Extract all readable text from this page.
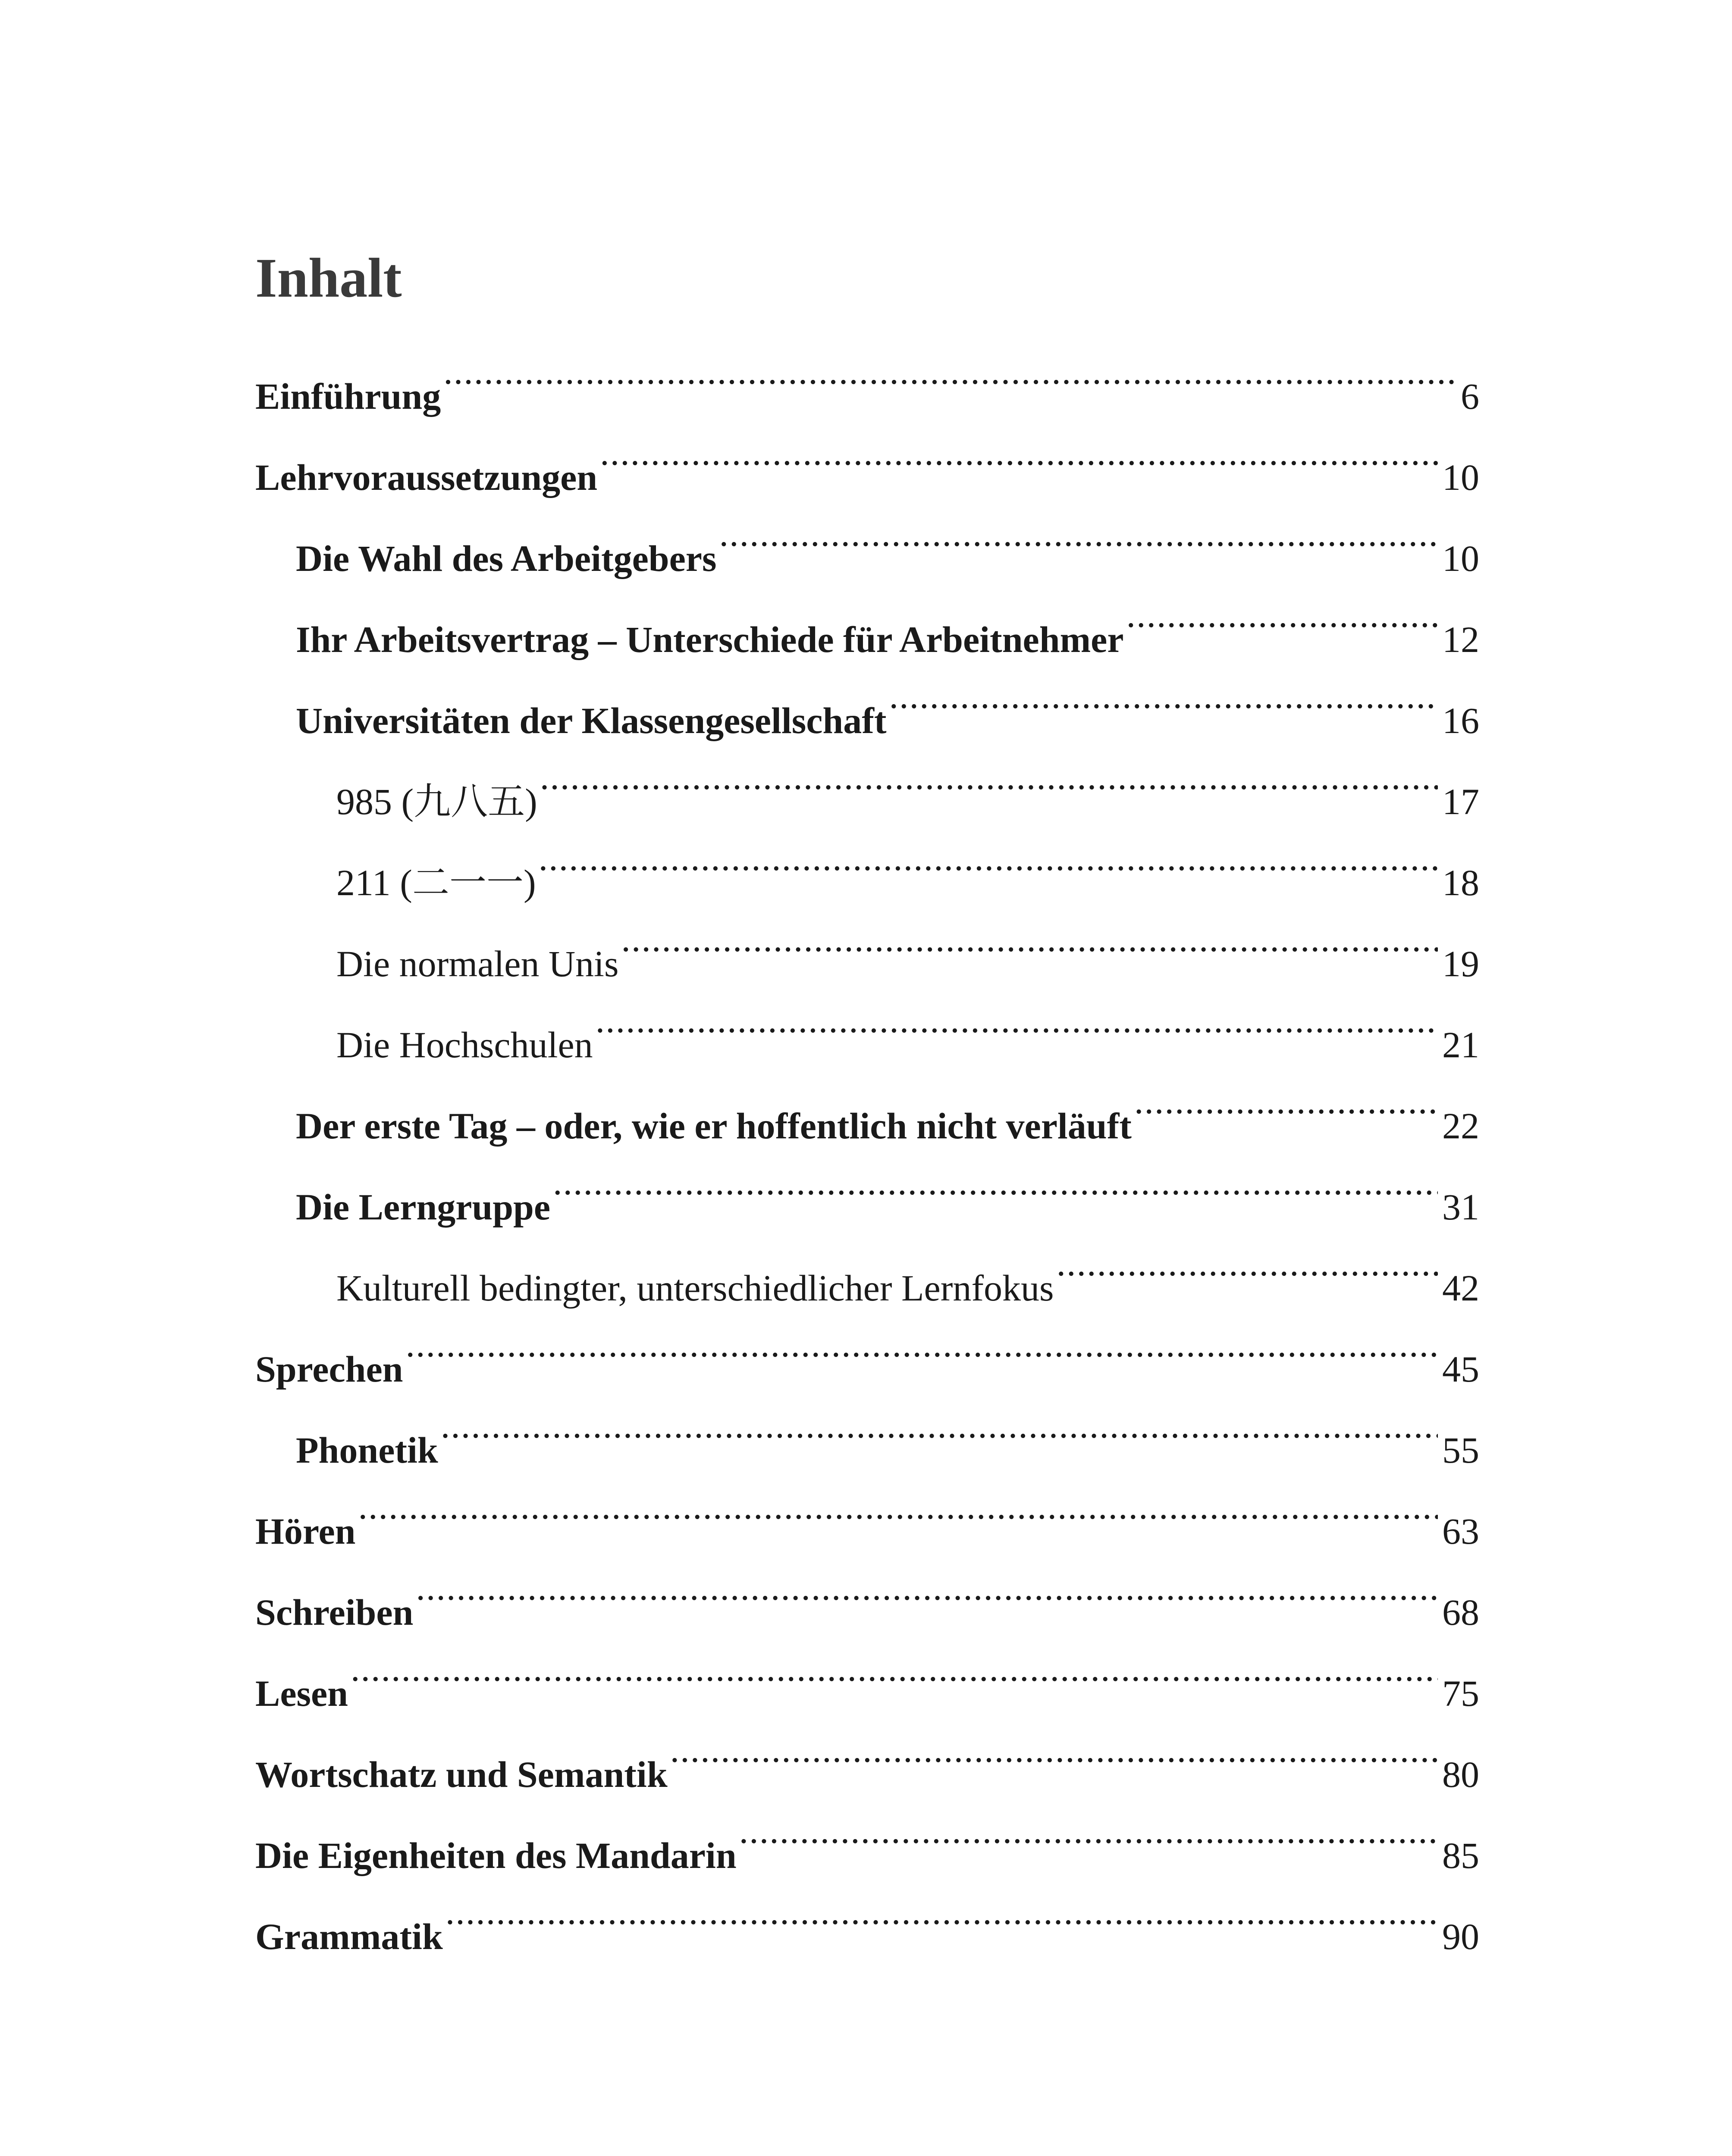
Inhalt
Einführung .....	6
Lehrvoraussetzungen .....	10
Die Wahl des Arbeitgebers .....	10
Ihr Arbeitsvertrag – Unterschiede für Arbeitnehmer .....	12
Universitäten der Klassengesellschaft .....	16
985 (九八五) .....	17
211 (二一一) .....	18
Die normalen Unis .....	19
Die Hochschulen .....	21
Der erste Tag – oder, wie er hoffentlich nicht verläuft .....	22
Die Lerngruppe .....	31
Kulturell bedingter, unterschiedlicher Lernfokus .....	42
Sprechen .....	45
Phonetik .....	55
Hören .....	63
Schreiben .....	68
Lesen .....	75
Wortschatz und Semantik .....	80
Die Eigenheiten des Mandarin .....	85
Grammatik .....	90
